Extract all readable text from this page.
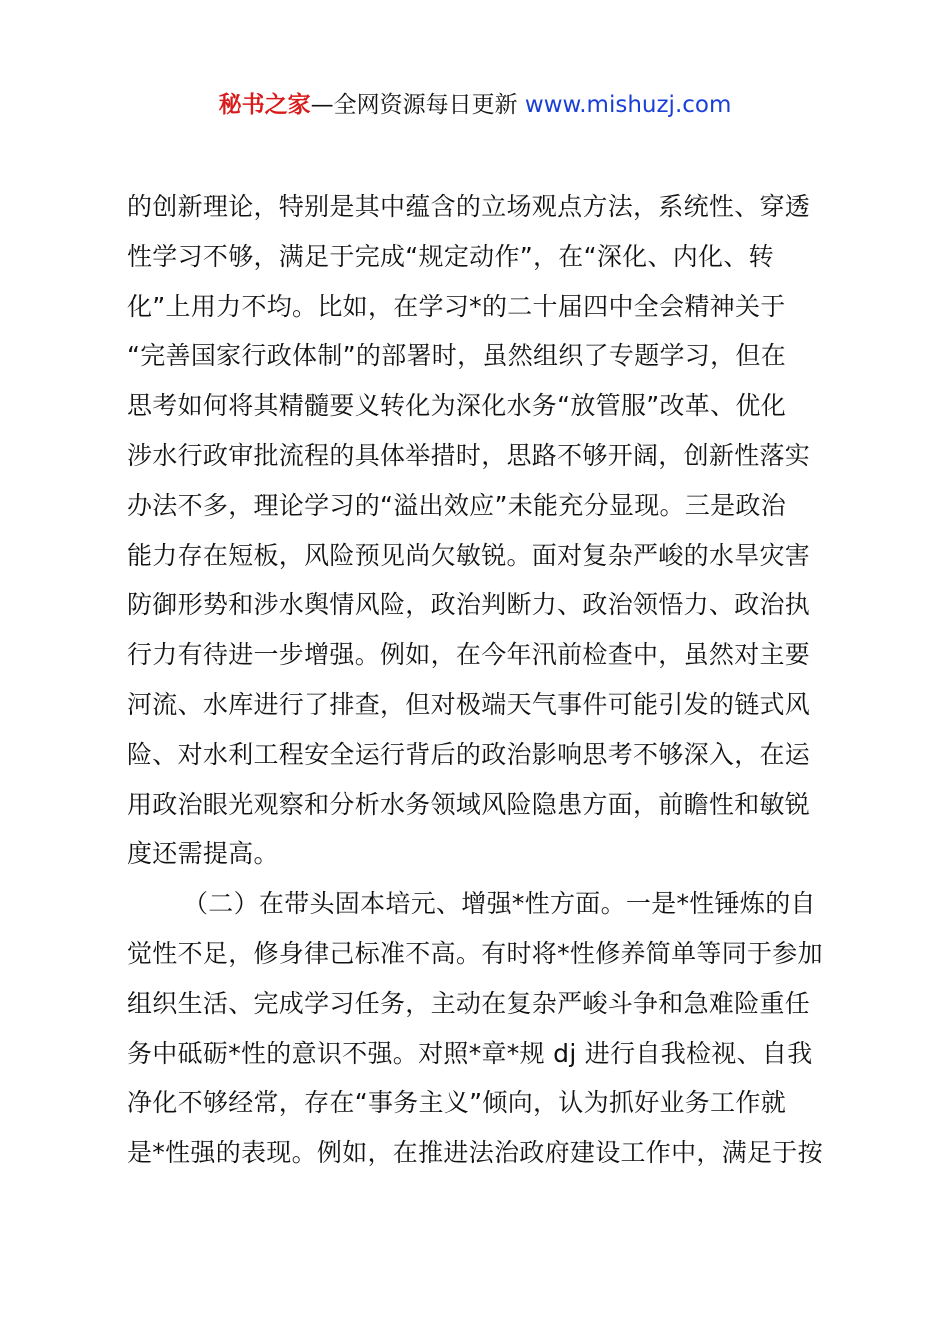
秘书之家—全网资源每日更新 www.mishuzj.com
的创新理论，特别是其中蕴含的立场观点方法，系统性、穿透
性学习不够，满足于完成“规定动作”，在“深化、内化、转
化”上用力不均。比如，在学习*的二十届四中全会精神关于
“完善国家行政体制”的部署时，虽然组织了专题学习，但在
思考如何将其精髓要义转化为深化水务“放管服”改革、优化
涉水行政审批流程的具体举措时，思路不够开阔，创新性落实
办法不多，理论学习的“溢出效应”未能充分显现。三是政治
能力存在短板，风险预见尚欠敏锐。面对复杂严峻的水旱灾害
防御形势和涉水舆情风险，政治判断力、政治领悟力、政治执
行力有待进一步增强。例如，在今年汛前检查中，虽然对主要
河流、水库进行了排查，但对极端天气事件可能引发的链式风
险、对水利工程安全运行背后的政治影响思考不够深入，在运
用政治眼光观察和分析水务领域风险隐患方面，前瞻性和敏锐
度还需提高。
（二）在带头固本培元、增强*性方面。一是*性锤炼的自
觉性不足，修身律己标准不高。有时将*性修养简单等同于参加
组织生活、完成学习任务，主动在复杂严峻斗争和急难险重任
务中砥砺*性的意识不强。对照*章*规 dj 进行自我检视、自我
净化不够经常，存在“事务主义”倾向，认为抓好业务工作就
是*性强的表现。例如，在推进法治政府建设工作中，满足于按
